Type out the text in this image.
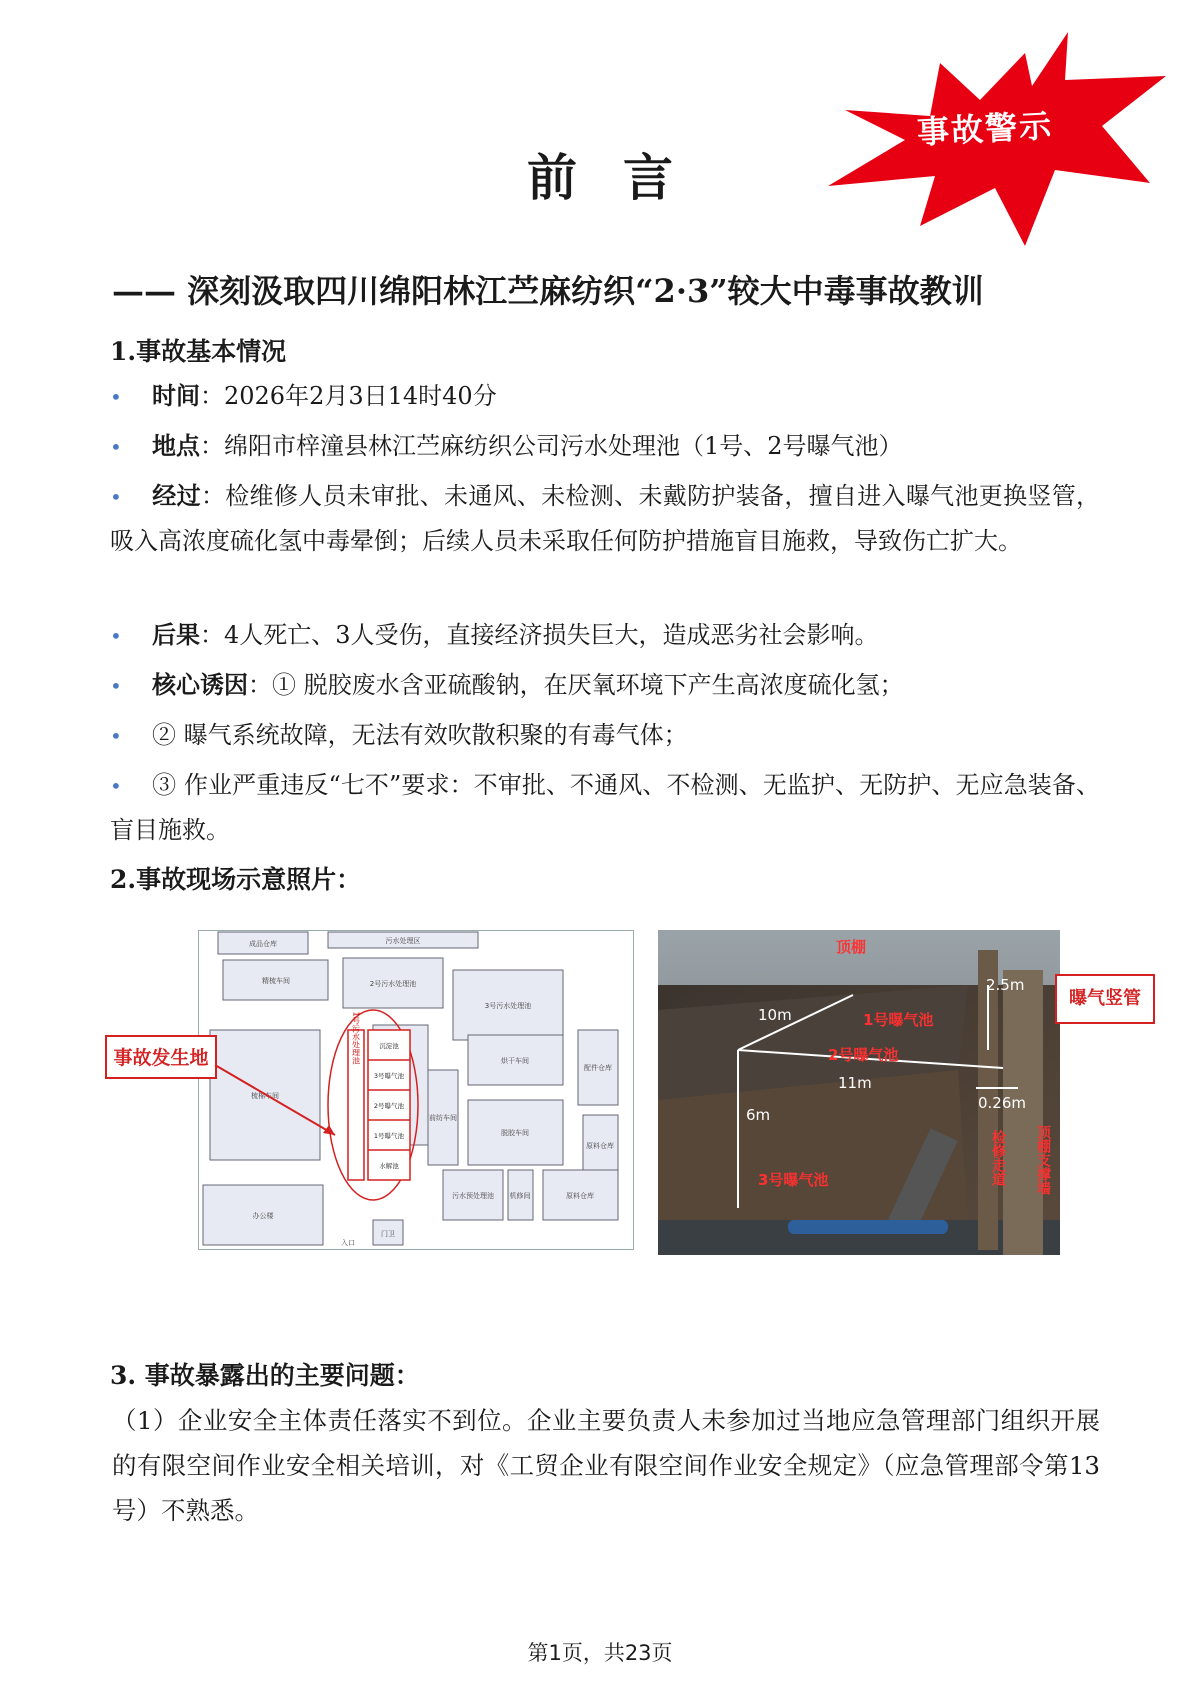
事故警示
前言
—— 深刻汲取四川绵阳林江苎麻纺织“2·3”较大中毒事故教训
1.事故基本情况
• 时间：2026年2月3日14时40分
• 地点：绵阳市梓潼县林江苎麻纺织公司污水处理池（1号、2号曝气池）
• 经过：检维修人员未审批、未通风、未检测、未戴防护装备，擅自进入曝气池更换竖管，吸入高浓度硫化氢中毒晕倒；后续人员未采取任何防护措施盲目施救，导致伤亡扩大。
• 后果：4人死亡、3人受伤，直接经济损失巨大，造成恶劣社会影响。
• 核心诱因：① 脱胶废水含亚硫酸钠，在厌氧环境下产生高浓度硫化氢；
• ② 曝气系统故障，无法有效吹散积聚的有毒气体；
• ③ 作业严重违反“七不”要求：不审批、不通风、不检测、无监护、无防护、无应急装备、盲目施救。
2.事故现场示意照片：
成品仓库	污水处理区
精梳车间	2号污水处理池
3号污水处理池
梳棉车间
前纺车间
烘干车间
配件仓库
脱胶车间
原料仓库
办公楼
污水预处理池 机修间	原料仓库
门卫
入口
1号污水处理池	沉淀池
3号曝气池
2号曝气池
1号曝气池
水解池
事故发生地
顶棚
1号曝气池
2号曝气池
3号曝气池	顶棚支撑墙
检修走道
2.5m
10m
11m
0.26m
6m
曝气竖管
3. 事故暴露出的主要问题：
（1）企业安全主体责任落实不到位。企业主要负责人未参加过当地应急管理部门组织开展的有限空间作业安全相关培训，对《工贸企业有限空间作业安全规定》（应急管理部令第13号）不熟悉。
第1页，共23页
